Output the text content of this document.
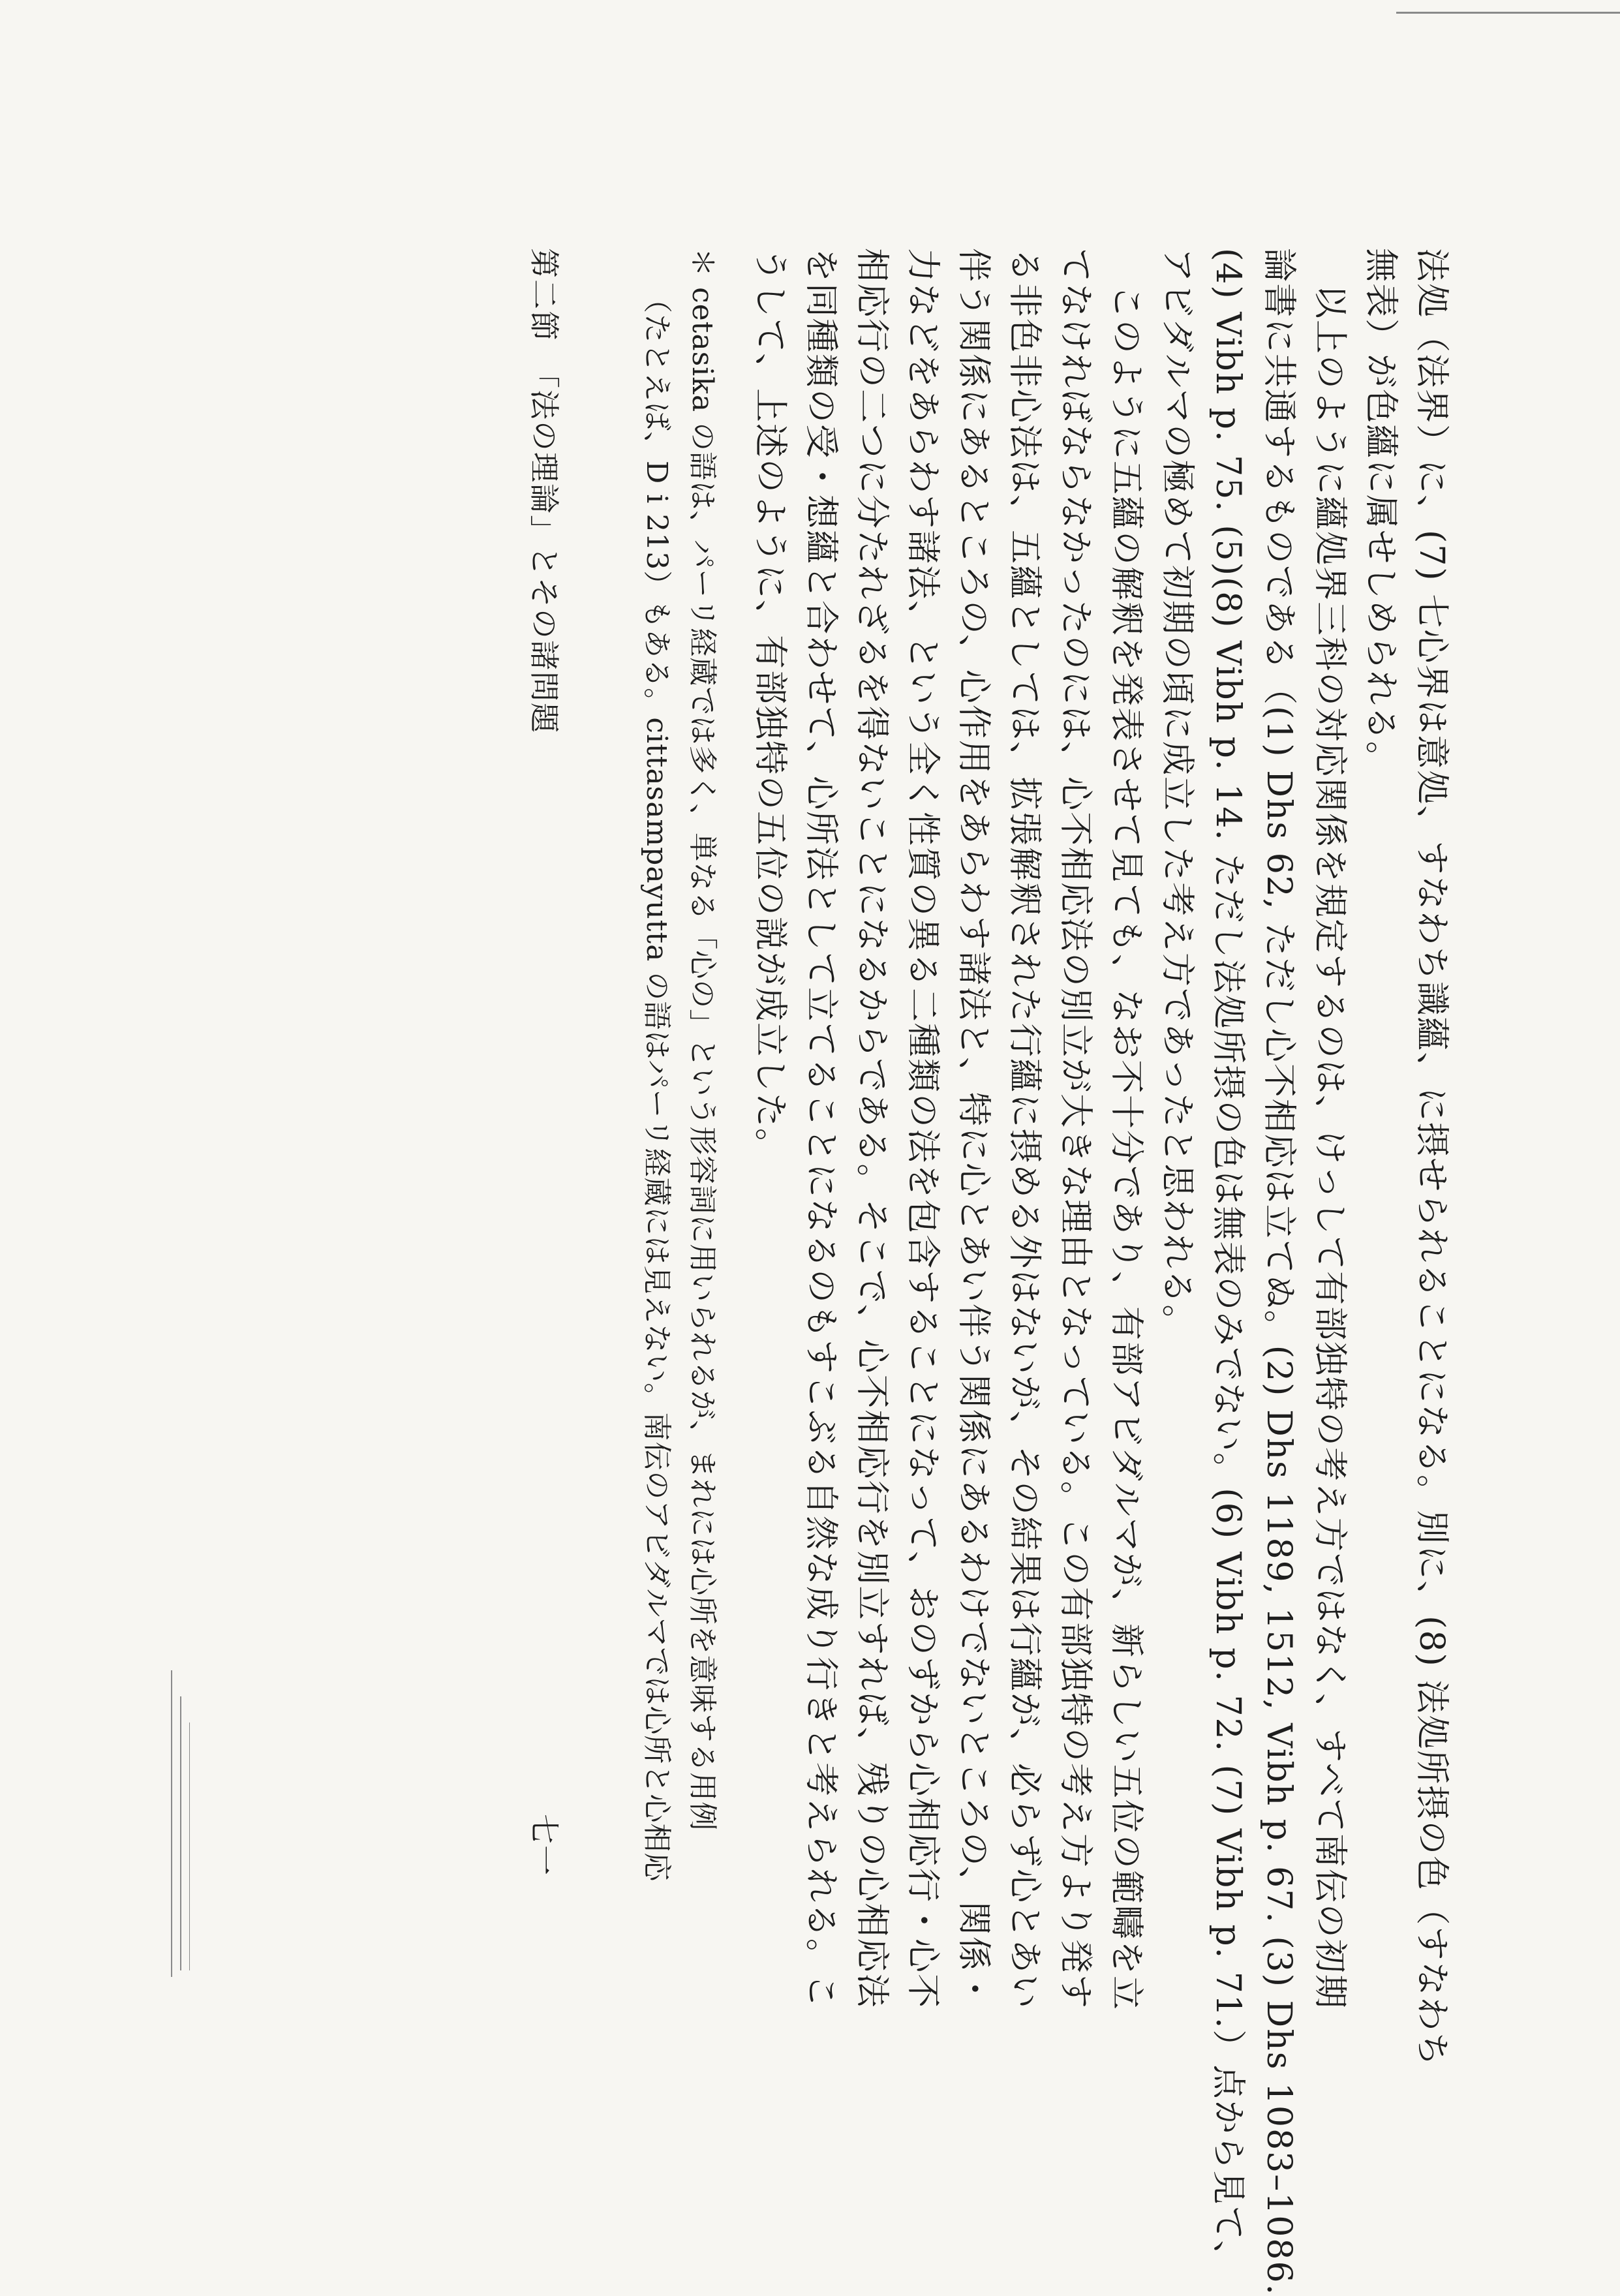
法処（法界）に、(7) 七心界は意処、すなわち識蘊、に摂せられることになる。別に、(8) 法処所摂の色（すなわち
無表）が色蘊に属せしめられる。
以上のように蘊処界三科の対応関係を規定するのは、けっして有部独特の考え方ではなく、すべて南伝の初期
論書に共通するものである（(1) Dhs 62, ただし心不相応は立てぬ。(2) Dhs 1189, 1512, Vibh p. 67. (3) Dhs 1083–1086.
(4) Vibh p. 75. (5)(8) Vibh p. 14. ただし法処所摂の色は無表のみでない。(6) Vibh p. 72. (7) Vibh p. 71.）点から見て、
アビダルマの極めて初期の頃に成立した考え方であったと思われる。
このように五蘊の解釈を発表させて見ても、なお不十分であり、有部アビダルマが、新らしい五位の範疇を立
てなければならなかったのには、心不相応法の別立が大きな理由となっている。この有部独特の考え方より発す
る非色非心法は、五蘊としては、拡張解釈された行蘊に摂める外はないが、その結果は行蘊が、必らず心とあい
伴う関係にあるところの、心作用をあらわす諸法と、特に心とあい伴う関係にあるわけでないところの、関係・
力などをあらわす諸法、という全く性質の異る二種類の法を包含することになって、おのずから心相応行・心不
相応行の二つに分たれざるを得ないことになるからである。そこで、心不相応行を別立すれば、残りの心相応法
を同種類の受・想蘊と合わせて、心所法として立てることになるのもすこぶる自然な成り行きと考えられる。こ
うして、上述のように、有部独特の五位の説が成立した。
＊ cetasika の語は、パーリ経蔵では多く、単なる「心の」という形容詞に用いられるが、まれには心所を意味する用例
（たとえば、D i 213）もある。cittasampayutta の語はパーリ経蔵には見えない。南伝のアビダルマでは心所と心相応
第二節　「法の理論」とその諸問題
七一
